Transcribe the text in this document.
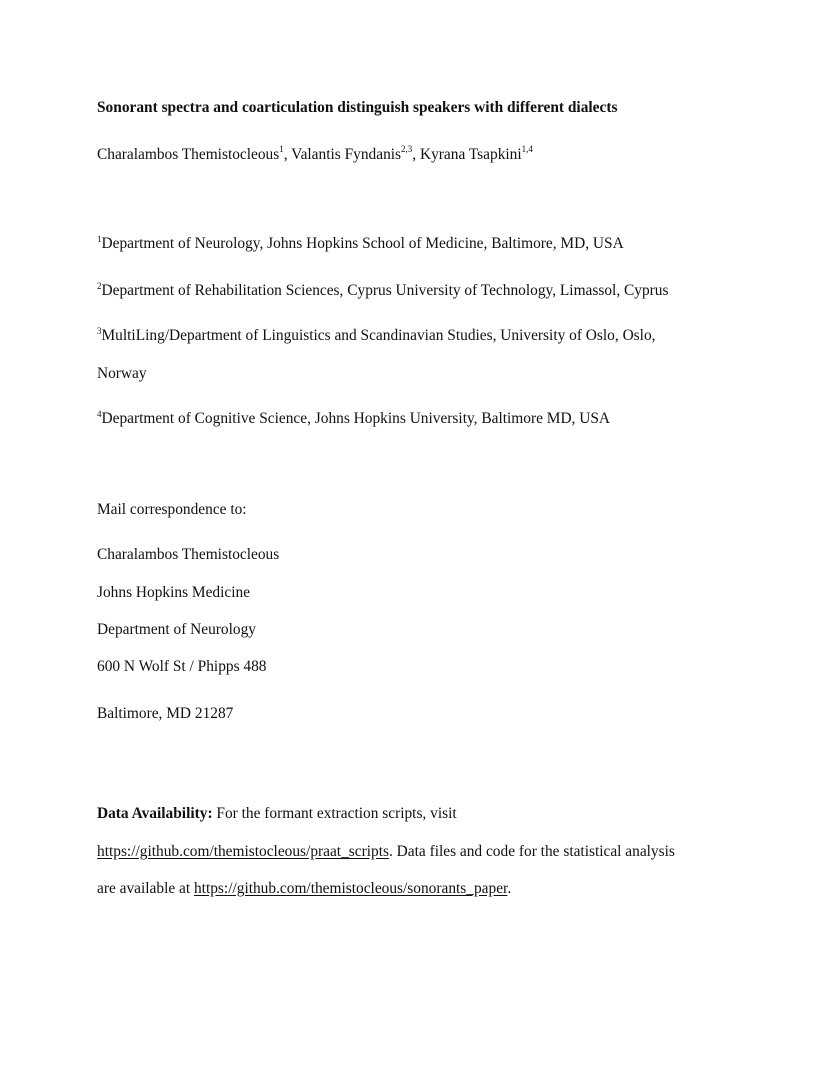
Sonorant spectra and coarticulation distinguish speakers with different dialects
Charalambos Themistocleous$^1$, Valantis Fyndanis$^{2,3}$, Kyrana Tsapkini$^{1,4}$
$^1$Department of Neurology, Johns Hopkins School of Medicine, Baltimore, MD, USA
$^2$Department of Rehabilitation Sciences, Cyprus University of Technology, Limassol, Cyprus
$^3$MultiLing/Department of Linguistics and Scandinavian Studies, University of Oslo, Oslo,
Norway
$^4$Department of Cognitive Science, Johns Hopkins University, Baltimore MD, USA
Mail correspondence to:
Charalambos Themistocleous
Johns Hopkins Medicine
Department of Neurology
600 N Wolf St / Phipps 488
Baltimore, MD 21287
Data Availability: For the formant extraction scripts, visit
https://github.com/themistocleous/praat_scripts. Data files and code for the statistical analysis
are available at https://github.com/themistocleous/sonorants_paper.
